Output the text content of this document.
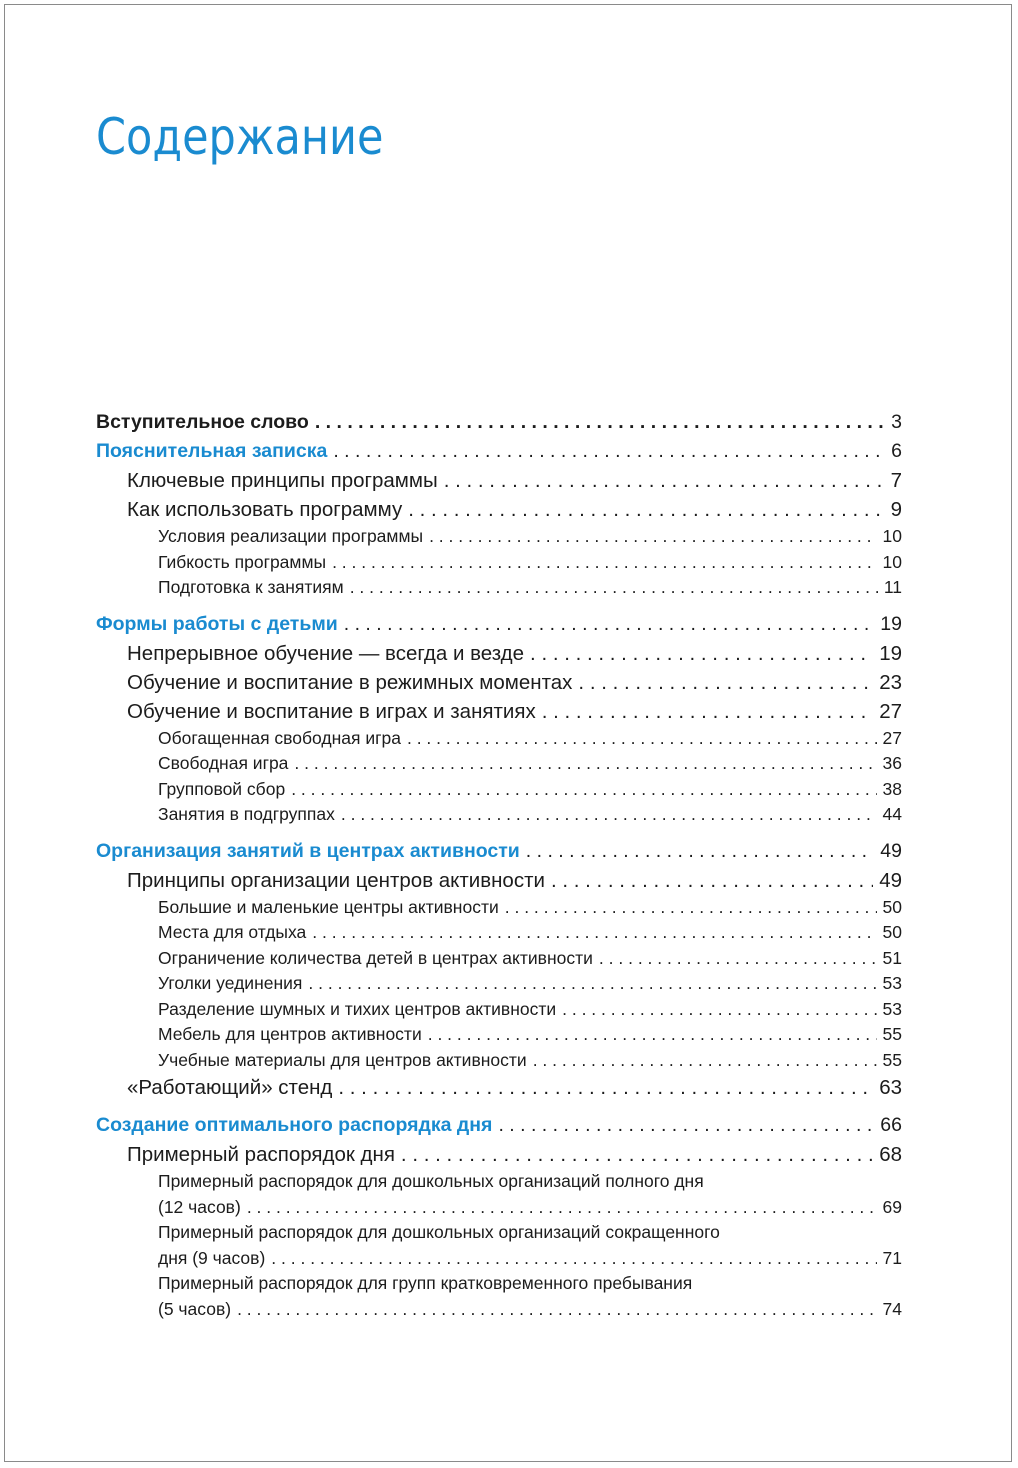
Содержание
Вступительное слово . . .	3
Пояснительная записка . . .	6
Ключевые принципы программы . . .	7
Как использовать программу . . .	9
Условия реализации программы . . .	10
Гибкость программы . . .	10
Подготовка к занятиям . . .	11
Формы работы с детьми . . .	19
Непрерывное обучение — всегда и везде . . .	19
Обучение и воспитание в режимных моментах . . .	23
Обучение и воспитание в играх и занятиях . . .	27
Обогащенная свободная игра . . .	27
Свободная игра . . .	36
Групповой сбор . . .	38
Занятия в подгруппах . . .	44
Организация занятий в центрах активности . . .	49
Принципы организации центров активности . . .	49
Большие и маленькие центры активности . . .	50
Места для отдыха . . .	50
Ограничение количества детей в центрах активности . . .	51
Уголки уединения . . .	53
Разделение шумных и тихих центров активности . . .	53
Мебель для центров активности . . .	55
Учебные материалы для центров активности . . .	55
«Работающий» стенд . . .	63
Создание оптимального распорядка дня . . .	66
Примерный распорядок дня . . .	68
Примерный распорядок для дошкольных организаций полного дня
(12 часов) . . .	69
Примерный распорядок для дошкольных организаций сокращенного
дня (9 часов) . . .	71
Примерный распорядок для групп кратковременного пребывания
(5 часов) . . .	74
